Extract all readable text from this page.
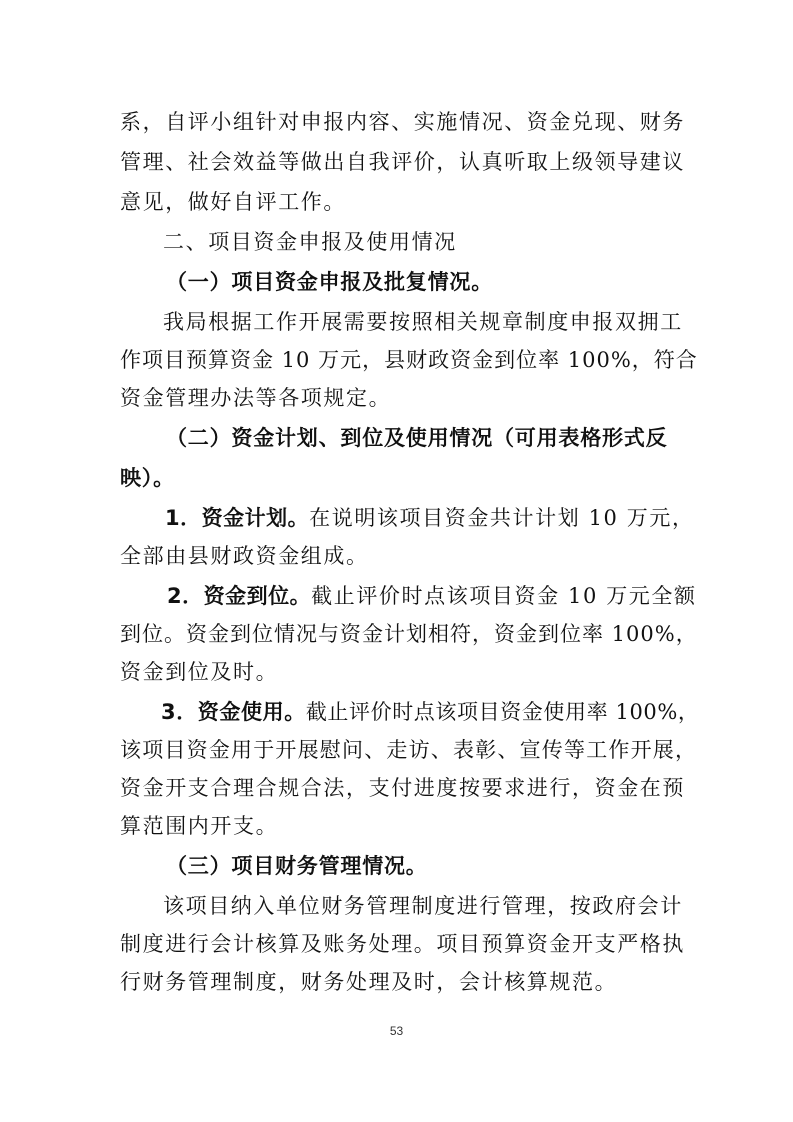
系，自评小组针对申报内容、实施情况、资金兑现、财务
管理、社会效益等做出自我评价，认真听取上级领导建议
意见，做好自评工作。
二、项目资金申报及使用情况
（一）项目资金申报及批复情况。
我局根据工作开展需要按照相关规章制度申报双拥工
作项目预算资金 10 万元，县财政资金到位率 100%，符合
资金管理办法等各项规定。
（二）资金计划、到位及使用情况（可用表格形式反
映）。
1．资金计划。在说明该项目资金共计计划 10 万元，
全部由县财政资金组成。
2．资金到位。截止评价时点该项目资金 10 万元全额
到位。资金到位情况与资金计划相符，资金到位率 100%，
资金到位及时。
3．资金使用。截止评价时点该项目资金使用率 100%，
该项目资金用于开展慰问、走访、表彰、宣传等工作开展，
资金开支合理合规合法，支付进度按要求进行，资金在预
算范围内开支。
（三）项目财务管理情况。
该项目纳入单位财务管理制度进行管理，按政府会计
制度进行会计核算及账务处理。项目预算资金开支严格执
行财务管理制度，财务处理及时，会计核算规范。
53
